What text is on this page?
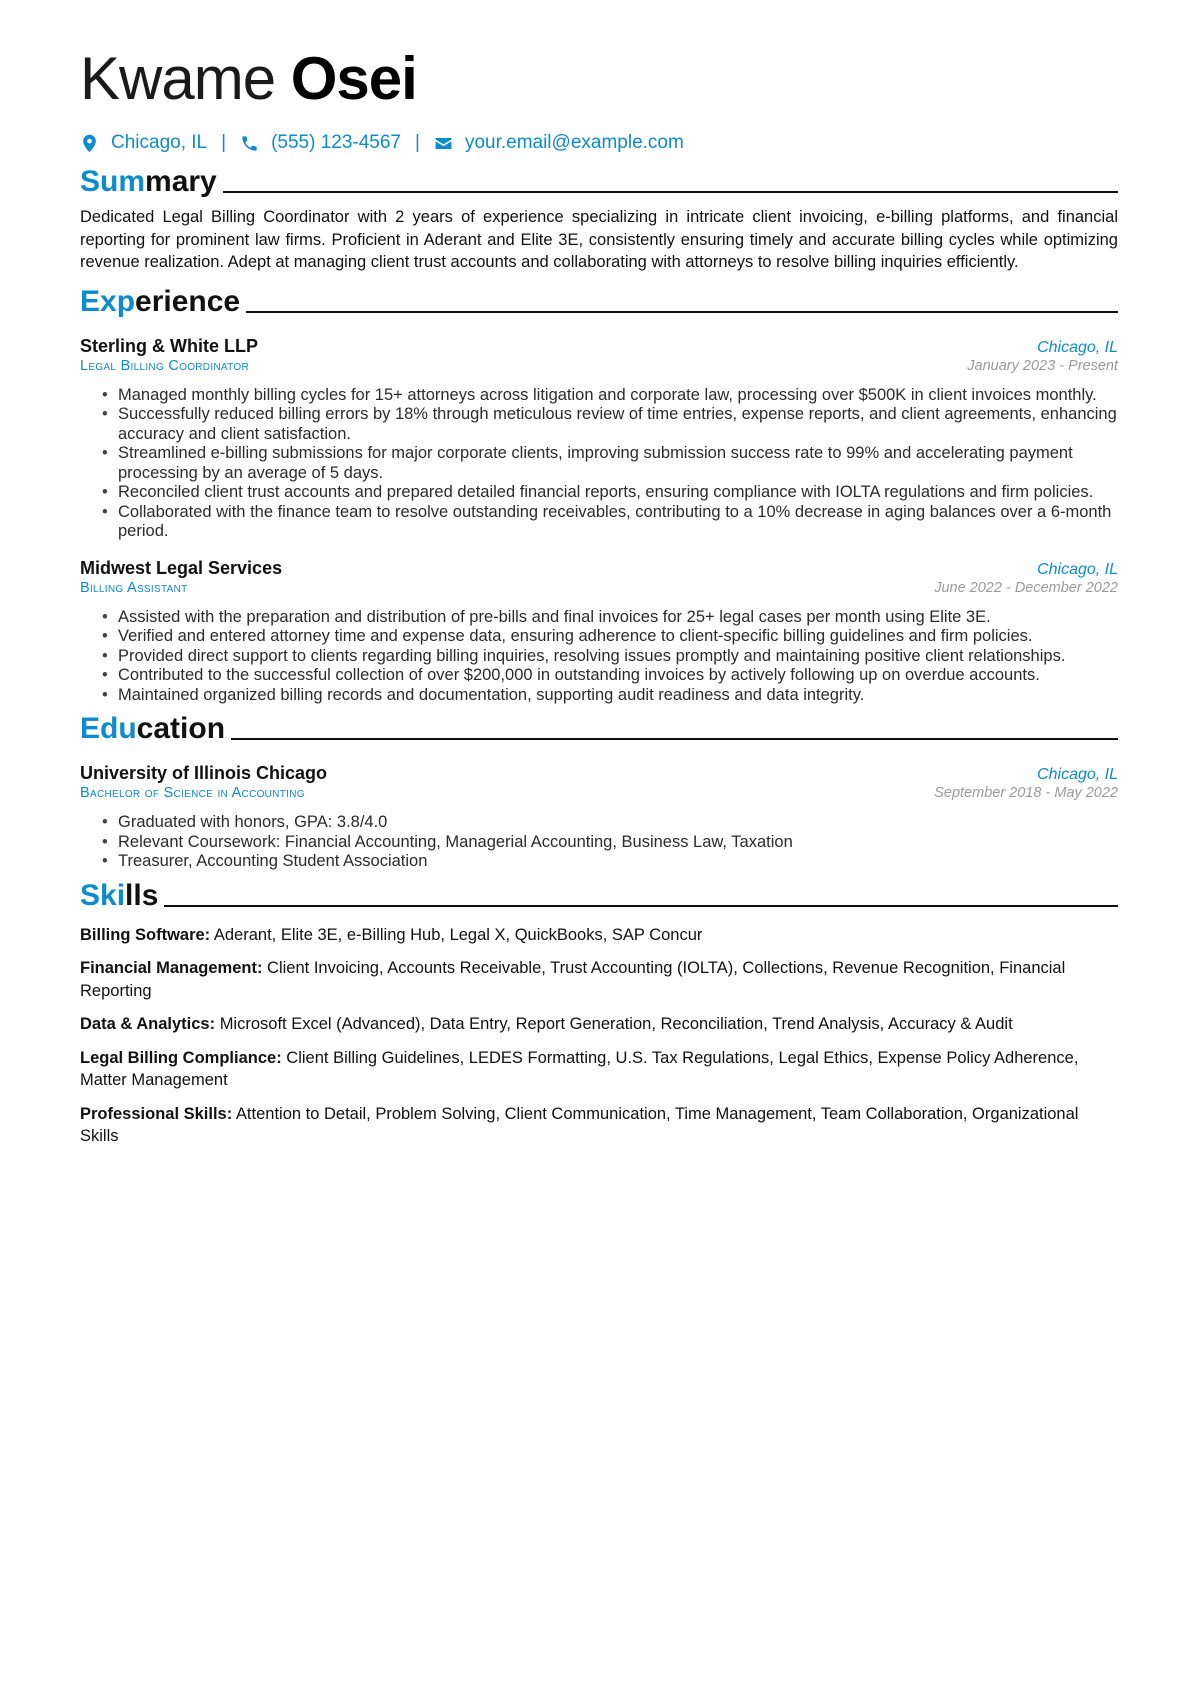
Kwame Osei
Chicago, IL | (555) 123-4567 | your.email@example.com
Summary

Dedicated Legal Billing Coordinator with 2 years of experience specializing in intricate client invoicing, e-billing platforms, and financial reporting for prominent law firms. Proficient in Aderant and Elite 3E, consistently ensuring timely and accurate billing cycles while optimizing revenue realization. Adept at managing client trust accounts and collaborating with attorneys to resolve billing inquiries efficiently.

Experience
Sterling & White LLP	Chicago, IL
Legal Billing Coordinator	January 2023 - Present
• Managed monthly billing cycles for 15+ attorneys across litigation and corporate law, processing over $500K in client invoices monthly.
• Successfully reduced billing errors by 18% through meticulous review of time entries, expense reports, and client agreements, enhancing accuracy and client satisfaction.
• Streamlined e-billing submissions for major corporate clients, improving submission success rate to 99% and accelerating payment processing by an average of 5 days.
• Reconciled client trust accounts and prepared detailed financial reports, ensuring compliance with IOLTA regulations and firm policies.
• Collaborated with the finance team to resolve outstanding receivables, contributing to a 10% decrease in aging balances over a 6-month period.
Midwest Legal Services	Chicago, IL
Billing Assistant	June 2022 - December 2022
• Assisted with the preparation and distribution of pre-bills and final invoices for 25+ legal cases per month using Elite 3E.
• Verified and entered attorney time and expense data, ensuring adherence to client-specific billing guidelines and firm policies.
• Provided direct support to clients regarding billing inquiries, resolving issues promptly and maintaining positive client relationships.
• Contributed to the successful collection of over $200,000 in outstanding invoices by actively following up on overdue accounts.
• Maintained organized billing records and documentation, supporting audit readiness and data integrity.
Education
University of Illinois Chicago	Chicago, IL
Bachelor of Science in Accounting	September 2018 - May 2022
• Graduated with honors, GPA: 3.8/4.0
• Relevant Coursework: Financial Accounting, Managerial Accounting, Business Law, Taxation
• Treasurer, Accounting Student Association
Skills

Billing Software: Aderant, Elite 3E, e-Billing Hub, Legal X, QuickBooks, SAP Concur

Financial Management: Client Invoicing, Accounts Receivable, Trust Accounting (IOLTA), Collections, Revenue Recognition, Financial Reporting

Data & Analytics: Microsoft Excel (Advanced), Data Entry, Report Generation, Reconciliation, Trend Analysis, Accuracy & Audit

Legal Billing Compliance: Client Billing Guidelines, LEDES Formatting, U.S. Tax Regulations, Legal Ethics, Expense Policy Adherence, Matter Management

Professional Skills: Attention to Detail, Problem Solving, Client Communication, Time Management, Team Collaboration, Organizational Skills
